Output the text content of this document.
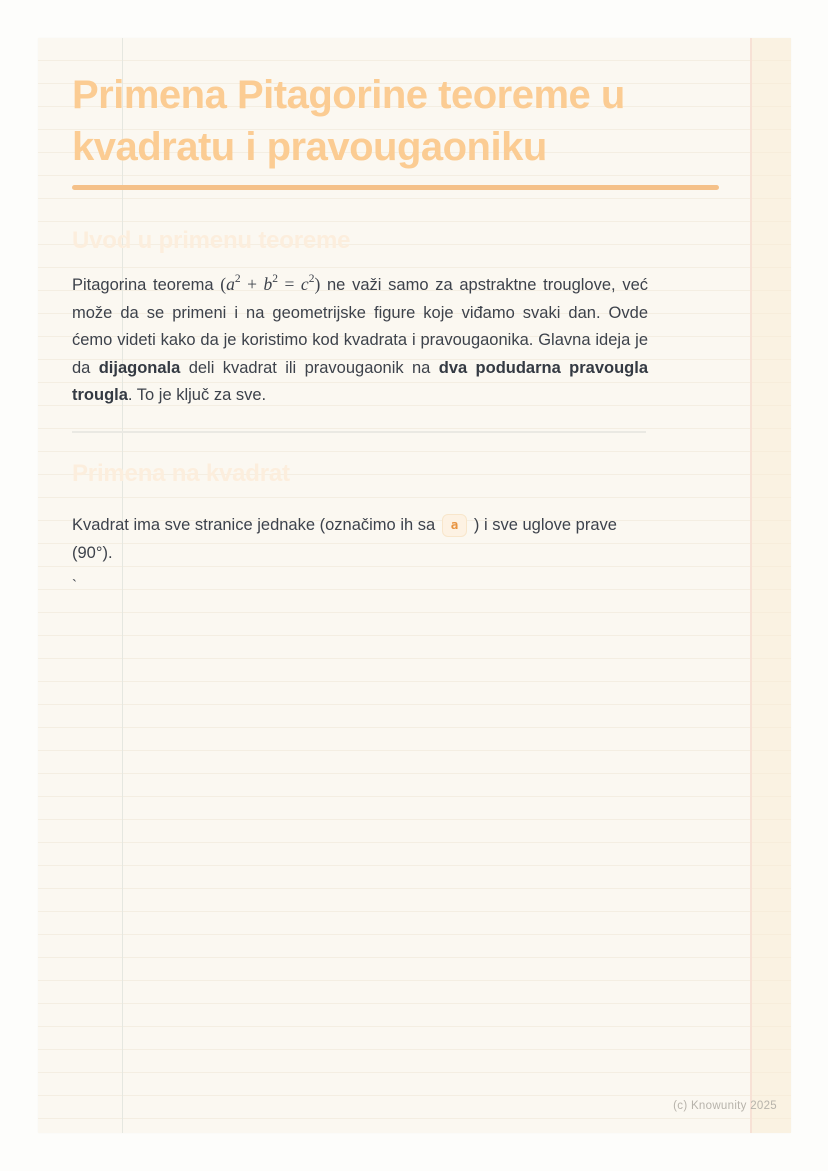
Primena Pitagorine teoreme u
kvadratu i pravougaoniku
Uvod u primenu teoreme

Pitagorina teorema $(a^2 + b^2 = c^2)$ ne važi samo za apstraktne trouglove, već može da se primeni i na geometrijske figure koje viđamo svaki dan. Ovde ćemo videti kako da je koristimo kod kvadrata i pravougaonika. Glavna ideja je da dijagonala deli kvadrat ili pravougaonik na dva podudarna pravougla trougla. To je ključ za sve.

Primena na kvadrat

Kvadrat ima sve stranice jednake (označimo ih sa a ) i sve uglove prave (90°).

`
(c) Knowunity 2025
